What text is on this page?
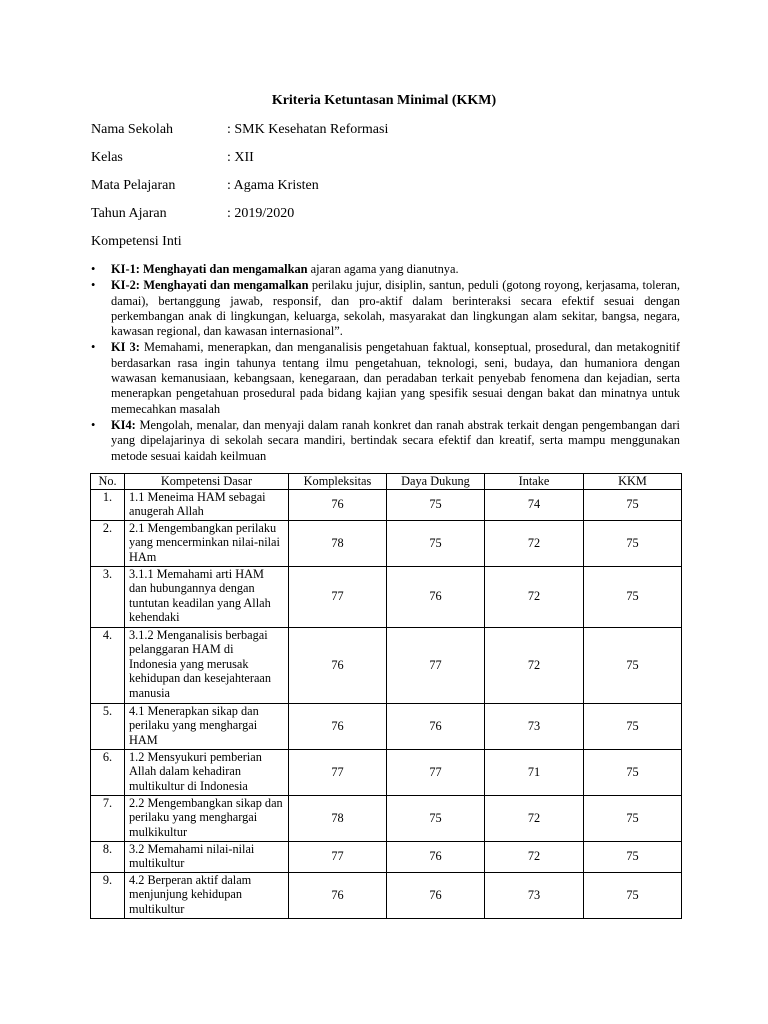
Kriteria Ketuntasan Minimal (KKM)
Nama Sekolah	: SMK Kesehatan Reformasi
Kelas	: XII
Mata Pelajaran	: Agama Kristen
Tahun Ajaran	: 2019/2020
Kompetensi Inti
• KI-1: Menghayati dan mengamalkan ajaran agama yang dianutnya.
• KI-2: Menghayati dan mengamalkan perilaku jujur, disiplin, santun, peduli (gotong royong, kerjasama, toleran, damai), bertanggung jawab, responsif, dan pro-aktif dalam berinteraksi secara efektif sesuai dengan perkembangan anak di lingkungan, keluarga, sekolah, masyarakat dan lingkungan alam sekitar, bangsa, negara, kawasan regional, dan kawasan internasional”.
• KI 3: Memahami, menerapkan, dan menganalisis pengetahuan faktual, konseptual, prosedural, dan metakognitif berdasarkan rasa ingin tahunya tentang ilmu pengetahuan, teknologi, seni, budaya, dan humaniora dengan wawasan kemanusiaan, kebangsaan, kenegaraan, dan peradaban terkait penyebab fenomena dan kejadian, serta menerapkan pengetahuan prosedural pada bidang kajian yang spesifik sesuai dengan bakat dan minatnya untuk memecahkan masalah
• KI4: Mengolah, menalar, dan menyaji dalam ranah konkret dan ranah abstrak terkait dengan pengembangan dari yang dipelajarinya di sekolah secara mandiri, bertindak secara efektif dan kreatif, serta mampu menggunakan metode sesuai kaidah keilmuan
No.	Kompetensi Dasar	Kompleksitas	Daya Dukung	Intake	KKM
1.	1.1 Meneima HAM sebagai anugerah Allah	76	75	74	75
2.	2.1 Mengembangkan perilaku yang mencerminkan nilai-nilai HAm	78	75	72	75
3.	3.1.1 Memahami arti HAM dan hubungannya dengan tuntutan keadilan yang Allah kehendaki	77	76	72	75
4.	3.1.2 Menganalisis berbagai pelanggaran HAM di Indonesia yang merusak kehidupan dan kesejahteraan manusia	76	77	72	75
5.	4.1 Menerapkan sikap dan perilaku yang menghargai HAM	76	76	73	75
6.	1.2 Mensyukuri pemberian Allah dalam kehadiran multikultur di Indonesia	77	77	71	75
7.	2.2 Mengembangkan sikap dan perilaku yang menghargai mulkikultur	78	75	72	75
8.	3.2 Memahami nilai-nilai multikultur	77	76	72	75
9.	4.2 Berperan aktif dalam menjunjung kehidupan multikultur	76	76	73	75
